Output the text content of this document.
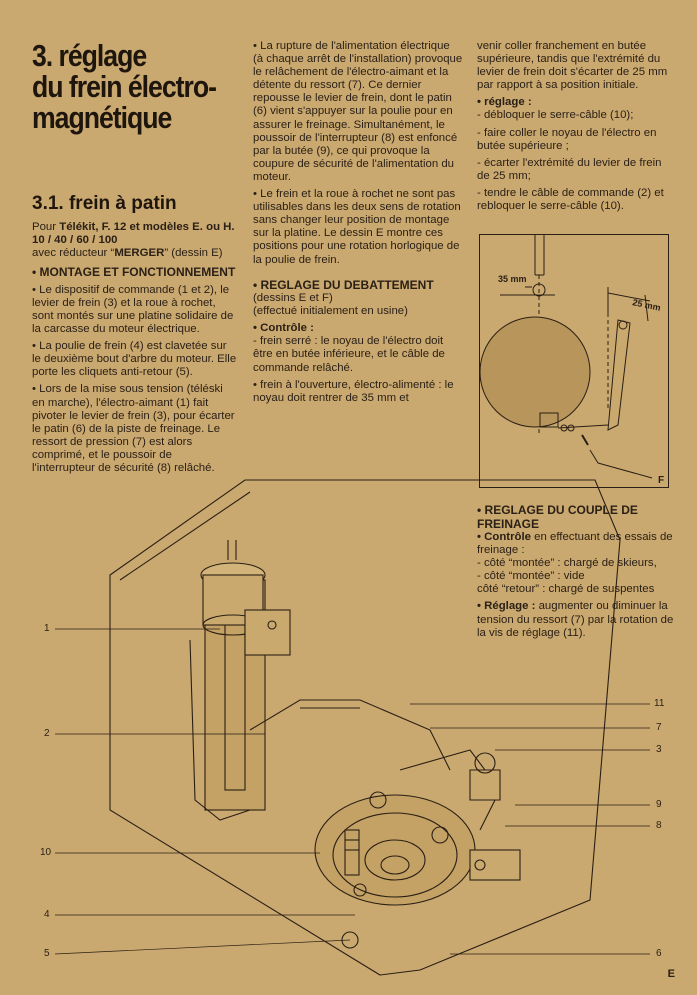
3. réglage
du frein électro-
magnétique
3.1. frein à patin

Pour Télékit, F. 12 et modèles E. ou H. 10 / 40 / 60 / 100
avec réducteur “MERGER” (dessin E)

• MONTAGE ET FONCTIONNEMENT

• Le dispositif de commande (1 et 2), le levier de frein (3) et la roue à rochet, sont montés sur une platine solidaire de la carcasse du moteur électrique.

• La poulie de frein (4) est clavetée sur le deuxième bout d'arbre du moteur. Elle porte les cliquets anti-retour (5).

• Lors de la mise sous tension (téléski en marche), l'électro-aimant (1) fait pivoter le levier de frein (3), pour écarter le patin (6) de la piste de freinage. Le ressort de pression (7) est alors comprimé, et le poussoir de l'interrupteur de sécurité (8) relâché.

• La rupture de l'alimentation électrique (à chaque arrêt de l'installation) provoque le relâchement de l'électro-aimant et la détente du ressort (7). Ce dernier repousse le levier de frein, dont le patin (6) vient s'appuyer sur la poulie pour en assurer le freinage. Simultanément, le poussoir de l'interrupteur (8) est enfoncé par la butée (9), ce qui provoque la coupure de sécurité de l'alimentation du moteur.

• Le frein et la roue à rochet ne sont pas utilisables dans les deux sens de rotation sans changer leur position de montage sur la platine. Le dessin E montre ces positions pour une rotation horlogique de la poulie de frein.

• REGLAGE DU DEBATTEMENT

(dessins E et F)

(effectué initialement en usine)

• Contrôle :

- frein serré : le noyau de l'électro doit être en butée inférieure, et le câble de commande relâché.

• frein à l'ouverture, électro-alimenté : le noyau doit rentrer de 35 mm et

venir coller franchement en butée supérieure, tandis que l'extrémité du levier de frein doit s'écarter de 25 mm par rapport à sa position initiale.

• réglage :

- débloquer le serre-câble (10);

- faire coller le noyau de l'électro en butée supérieure ;

- écarter l'extrémité du levier de frein de 25 mm;

- tendre le câble de commande (2) et rebloquer le serre-câble (10).

35 mm
25 mm
F

• REGLAGE DU COUPLE DE FREINAGE

• Contrôle en effectuant des essais de freinage :

- côté “montée” : chargé de skieurs,

- côté “montée” : vide

côté “retour” : chargé de suspentes

• Réglage : augmenter ou diminuer la tension du ressort (7) par la rotation de la vis de réglage (11).

1
2
10
4
5
11
7
3
9
8
6
E
